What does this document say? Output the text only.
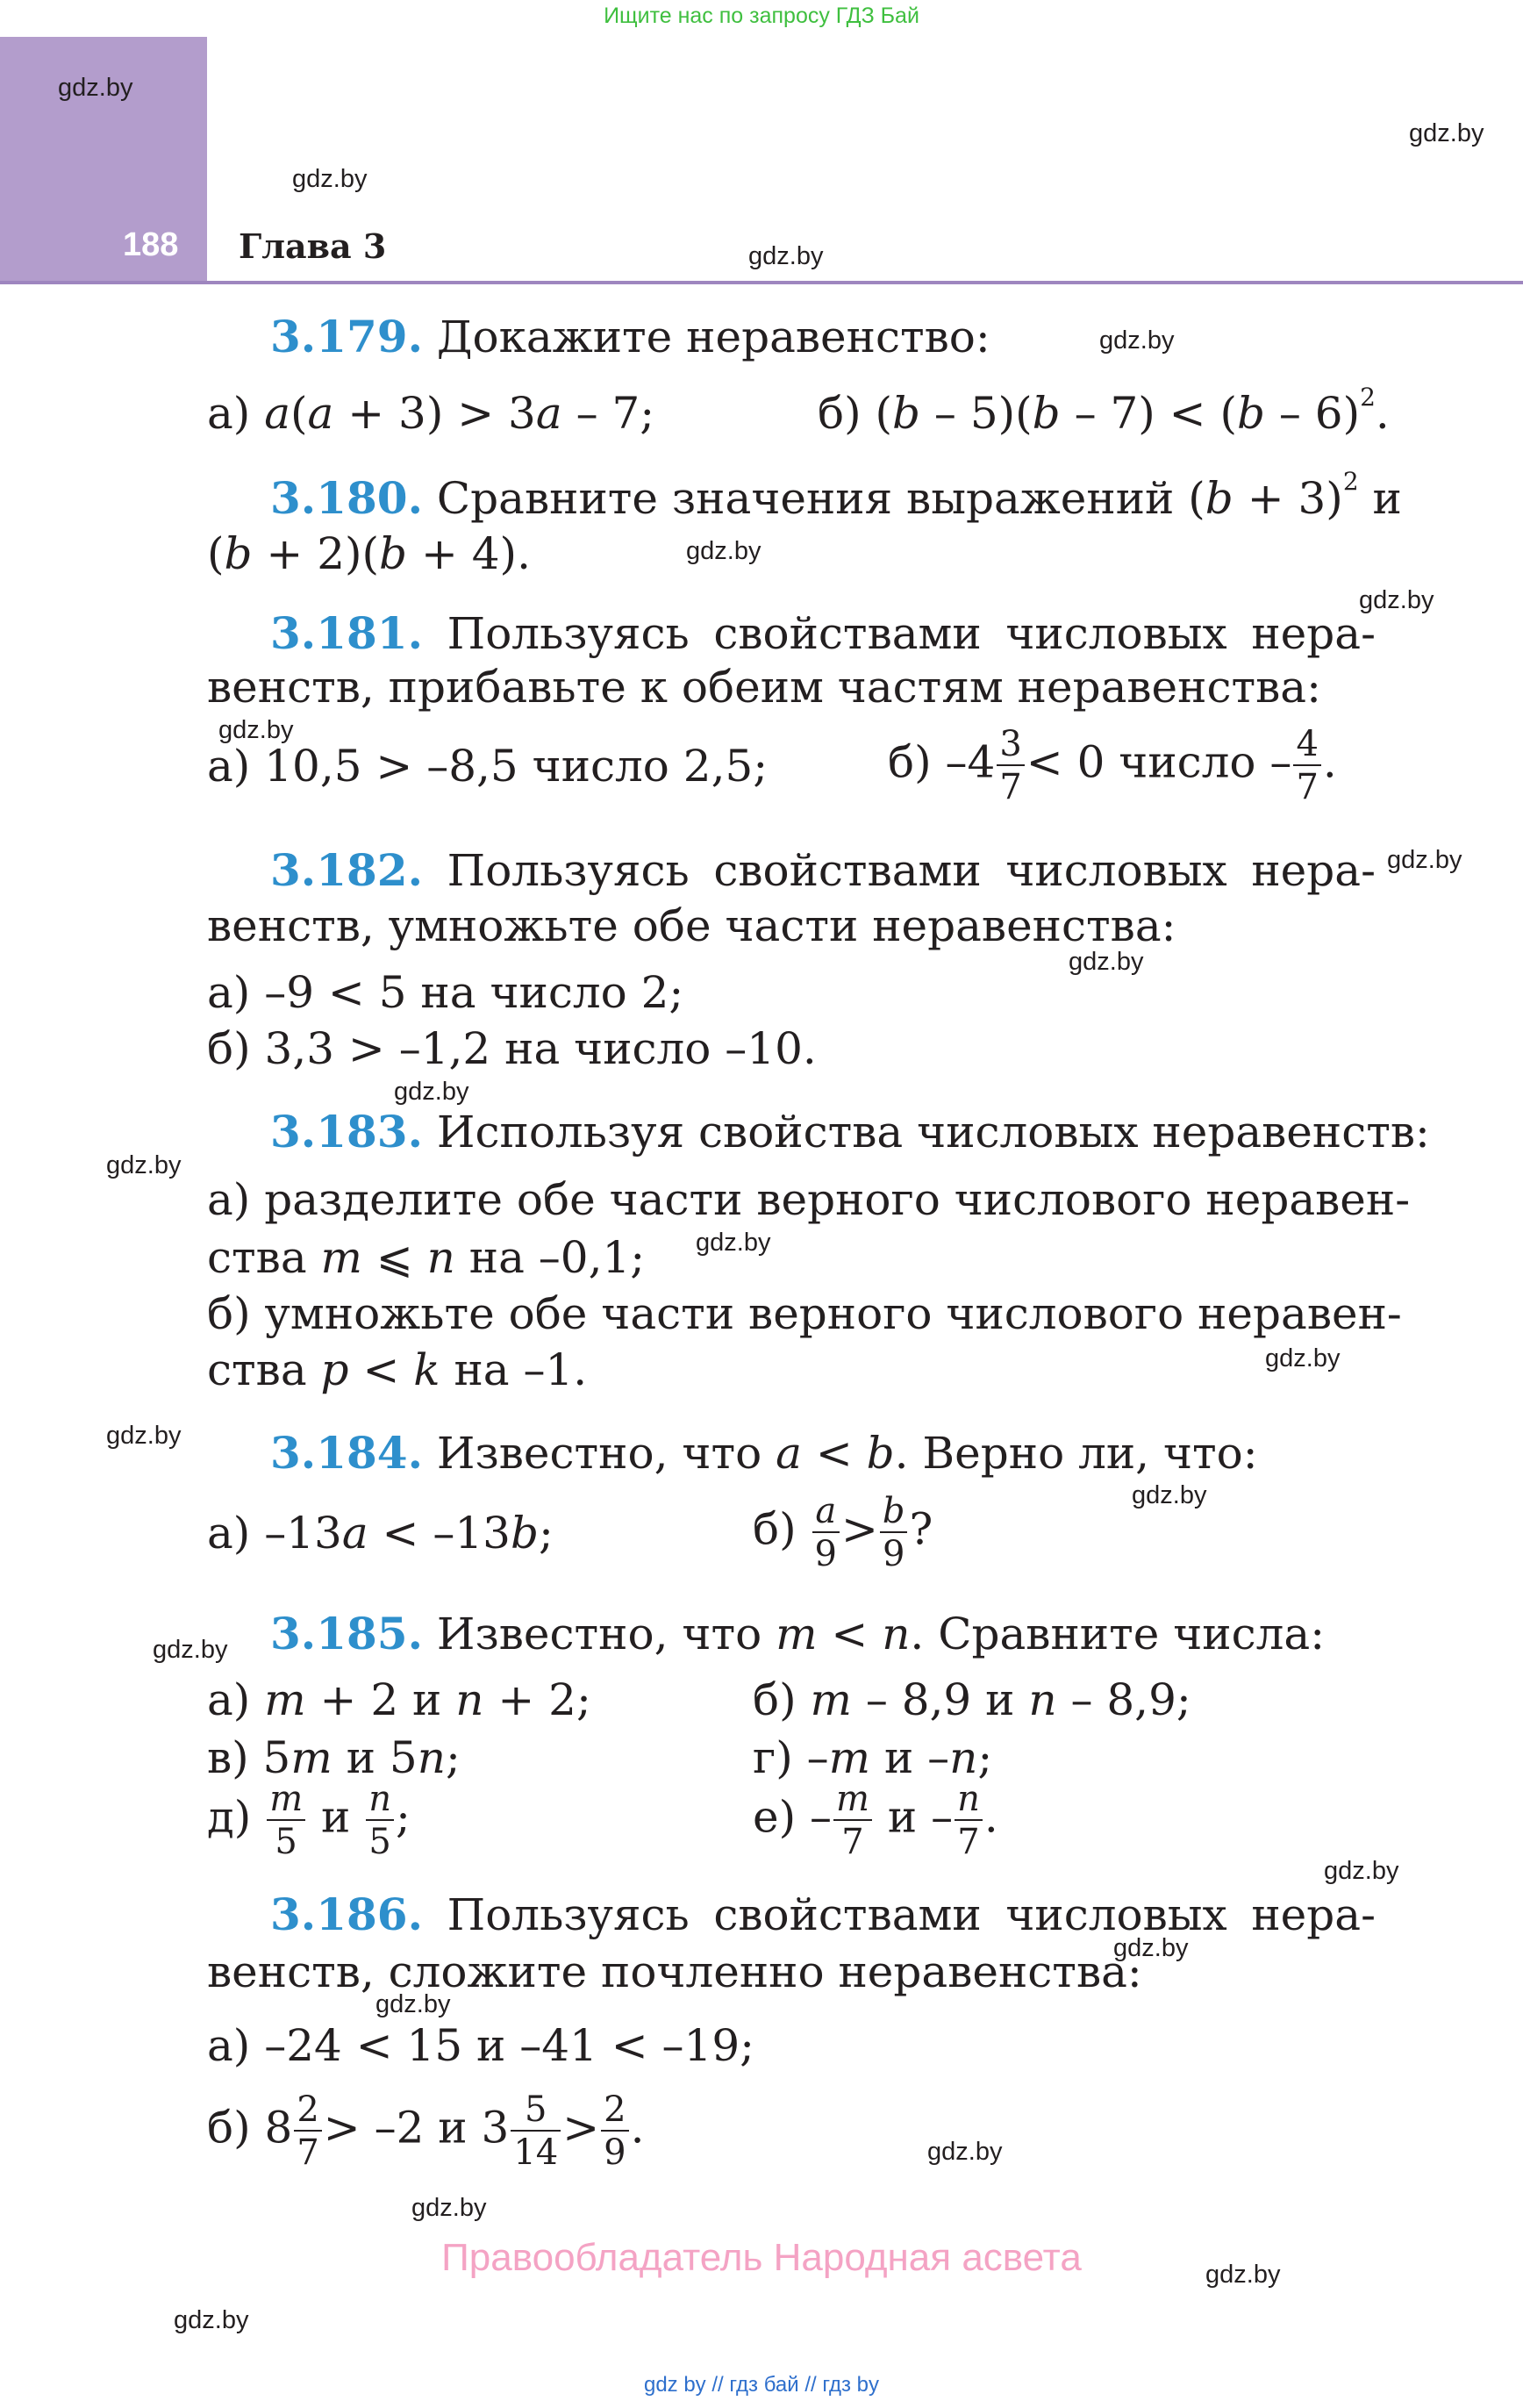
Ищите нас по запросу ГДЗ Бай
188 Глава 3
gdz.by
gdz.by
gdz.by
gdz.by
gdz.by
gdz.by
gdz.by
gdz.by
gdz.by
gdz.by
gdz.by
gdz.by
gdz.by
gdz.by
gdz.by
gdz.by
gdz.by
gdz.by
gdz.by
gdz.by
gdz.by
gdz.by
gdz.by
gdz.by
3.179. Докажите неравенство:
а) a(a + 3) > 3a – 7;	б) (b – 5)(b – 7) < (b – 6)$^2$.
3.180. Сравните значения выражений $(b + 3)^2$ и
(b + 2)(b + 4).
3.181. Пользуясь свойствами числовых нера-
венств, прибавьте к обеим частям неравенства:
а) 10,5 > –8,5 число 2,5;	б) $-4 \frac{3}{7} < 0$ число – $\frac{4}{7}$ .
3.182. Пользуясь свойствами числовых нера-
венств, умножьте обе части неравенства:
а) –9 < 5 на число 2;
б) 3,3 > –1,2 на число –10.
3.183. Используя свойства числовых неравенств:
а) разделите обе части верного числового неравен-
ства m ⩽ n на –0,1;
б) умножьте обе части верного числового неравен-
ства p < k на –1.
3.184. Известно, что a < b. Верно ли, что:
а) –13a < –13b;	$б) \frac{a}{9} > \frac{b}{9}$ ?
3.185. Известно, что m < n. Сравните числа:
а) m + 2 и n + 2;	б) m – 8,9 и n – 8,9;
в) 5m и 5n;	г) –m и –n;
$д) \frac{m}{5}$ и $\frac{n}{5}$ ;	$е) - \frac{m}{7}$ и – $\frac{n}{7}$ .
3.186. Пользуясь свойствами числовых нера-
венств, сложите почленно неравенства:
а) –24 < 15 и –41 < –19;
б) $8 \frac{2}{7} > -2$ и $3 \frac{5}{14} > \frac{2}{9}$ .
Правообладатель Народная асвета
gdz by // гдз бай // гдз by
